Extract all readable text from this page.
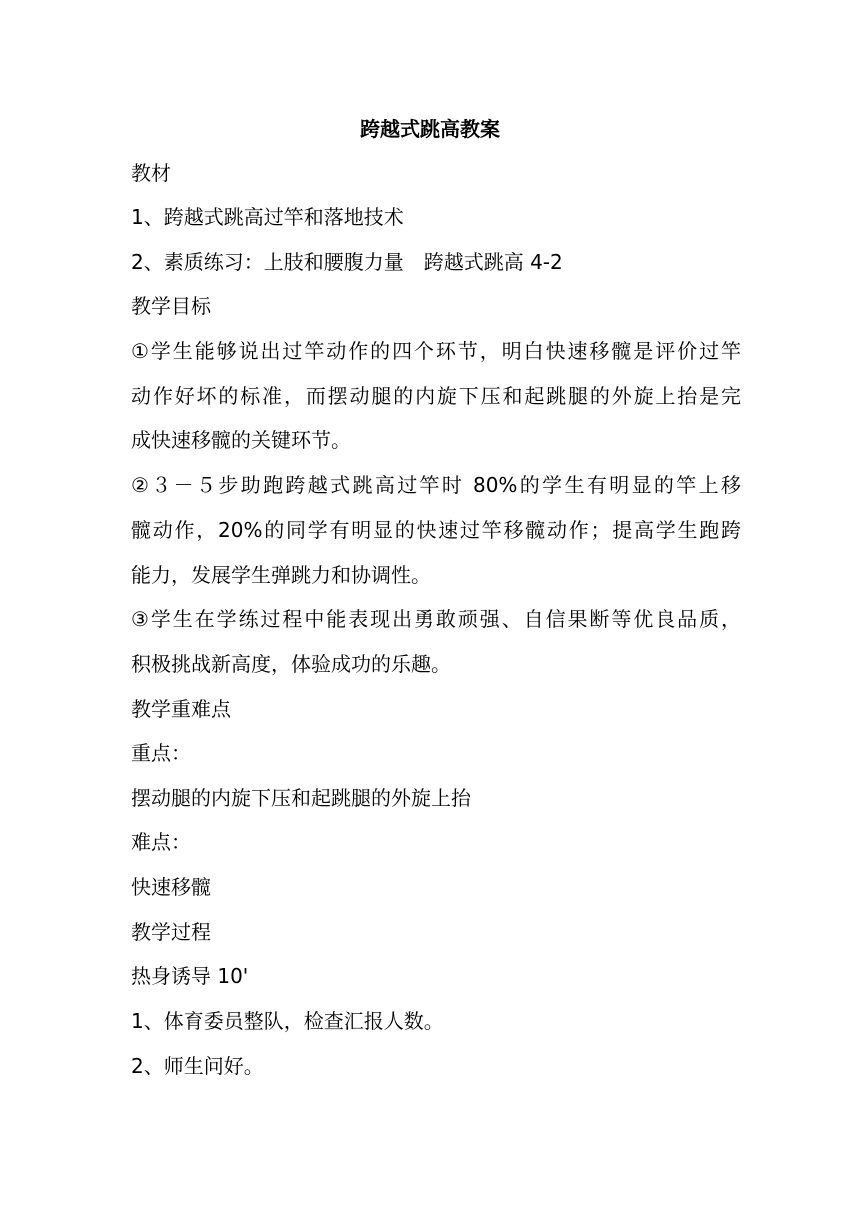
跨越式跳高教案
教材
1、跨越式跳高过竿和落地技术
2、素质练习：上肢和腰腹力量　跨越式跳高 4-2
教学目标
①学生能够说出过竿动作的四个环节，明白快速移髋是评价过竿
动作好坏的标准，而摆动腿的内旋下压和起跳腿的外旋上抬是完
成快速移髋的关键环节。
②３－５步助跑跨越式跳高过竿时 80%的学生有明显的竿上移
髋动作，20%的同学有明显的快速过竿移髋动作；提高学生跑跨
能力，发展学生弹跳力和协调性。
③学生在学练过程中能表现出勇敢顽强、自信果断等优良品质，
积极挑战新高度，体验成功的乐趣。
教学重难点
重点：
摆动腿的内旋下压和起跳腿的外旋上抬
难点：
快速移髋
教学过程
热身诱导 10'
1、体育委员整队，检查汇报人数。
2、师生问好。
